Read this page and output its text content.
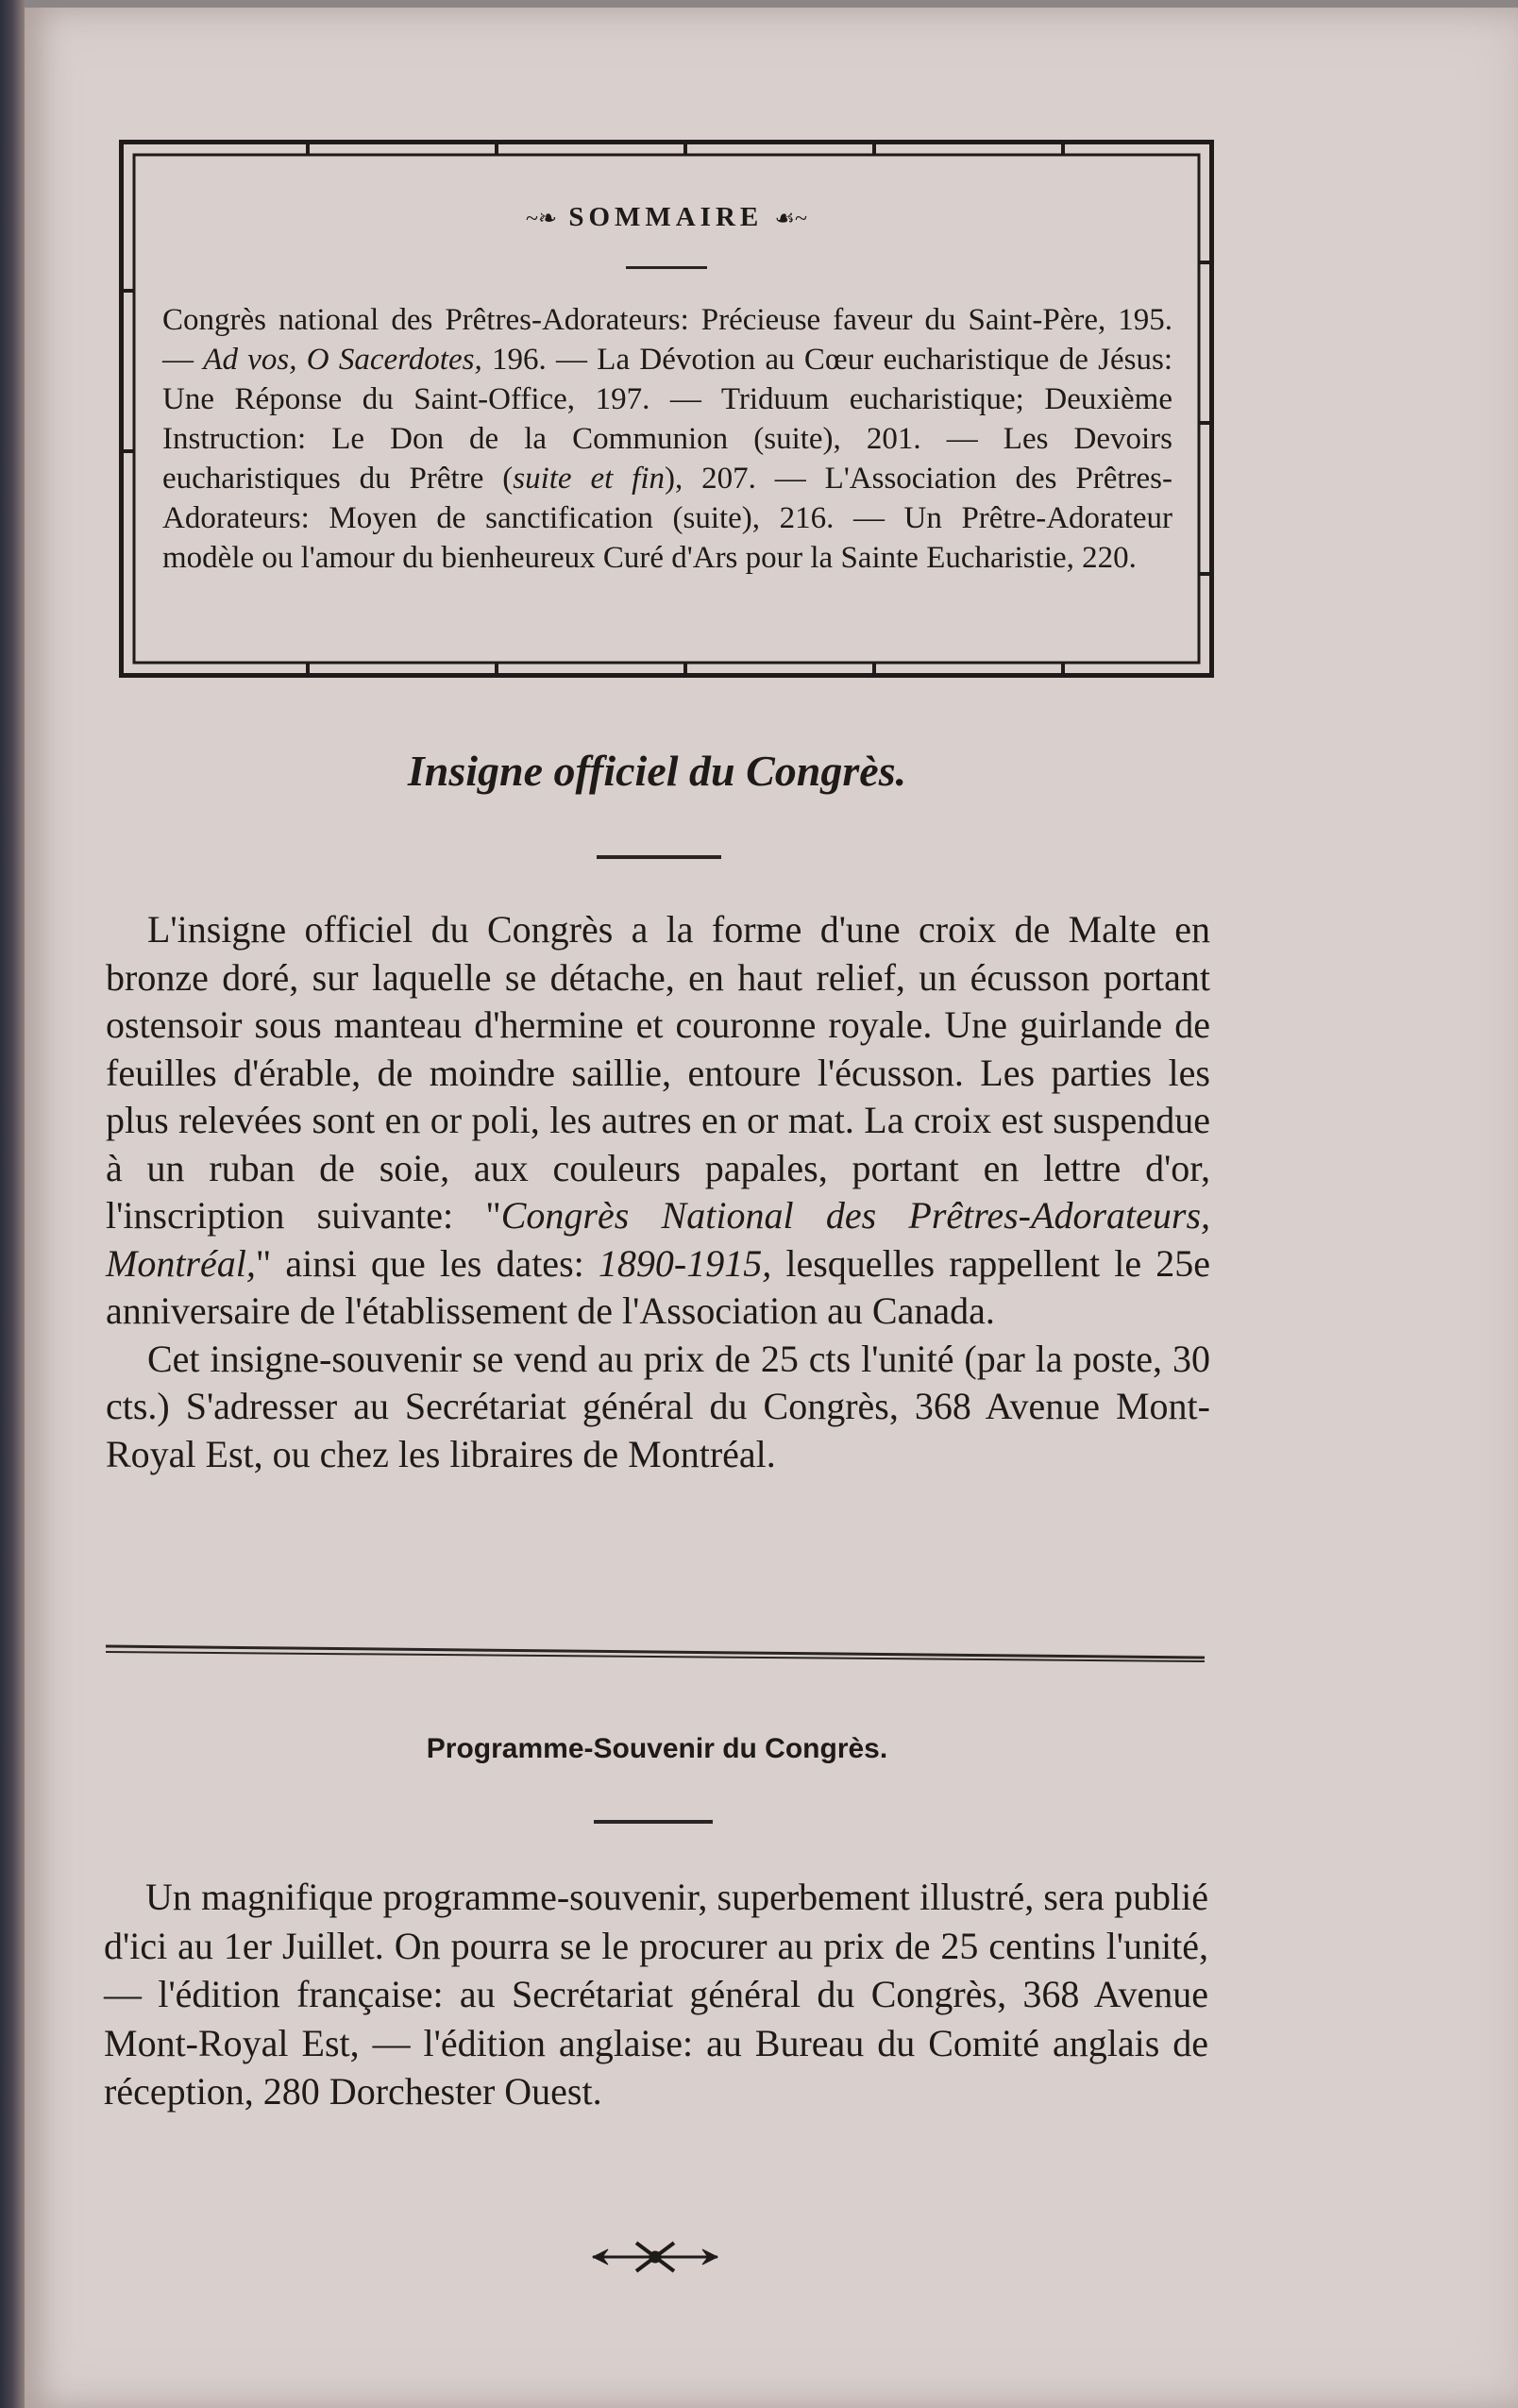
~❧ SOMMAIRE ☙~
Congrès national des Prêtres-Adorateurs: Précieuse faveur du Saint-Père, 195. — Ad vos, O Sacerdotes, 196. — La Dévotion au Cœur eucharistique de Jésus: Une Réponse du Saint-Office, 197. — Triduum eucharistique; Deuxième Instruction: Le Don de la Communion (suite), 201. — Les Devoirs eucharistiques du Prêtre (suite et fin), 207. — L'Association des Prêtres-Adorateurs: Moyen de sanctification (suite), 216. — Un Prêtre-Adorateur modèle ou l'amour du bienheureux Curé d'Ars pour la Sainte Eucharistie, 220.
Insigne officiel du Congrès.

L'insigne officiel du Congrès a la forme d'une croix de Malte en bronze doré, sur laquelle se détache, en haut relief, un écusson portant ostensoir sous manteau d'hermine et couronne royale. Une guirlande de feuilles d'érable, de moindre saillie, entoure l'écusson. Les parties les plus relevées sont en or poli, les autres en or mat. La croix est suspendue à un ruban de soie, aux couleurs papales, portant en lettre d'or, l'inscription suivante: "Congrès National des Prêtres-Adorateurs, Montréal," ainsi que les dates: 1890-1915, lesquelles rappellent le 25e anniversaire de l'établissement de l'Association au Canada.

Cet insigne-souvenir se vend au prix de 25 cts l'unité (par la poste, 30 cts.) S'adresser au Secrétariat général du Congrès, 368 Avenue Mont-Royal Est, ou chez les libraires de Montréal.

Programme-Souvenir du Congrès.

Un magnifique programme-souvenir, superbement illustré, sera publié d'ici au 1er Juillet. On pourra se le procurer au prix de 25 centins l'unité, — l'édition française: au Secrétariat général du Congrès, 368 Avenue Mont-Royal Est, — l'édition anglaise: au Bureau du Comité anglais de réception, 280 Dorchester Ouest.
